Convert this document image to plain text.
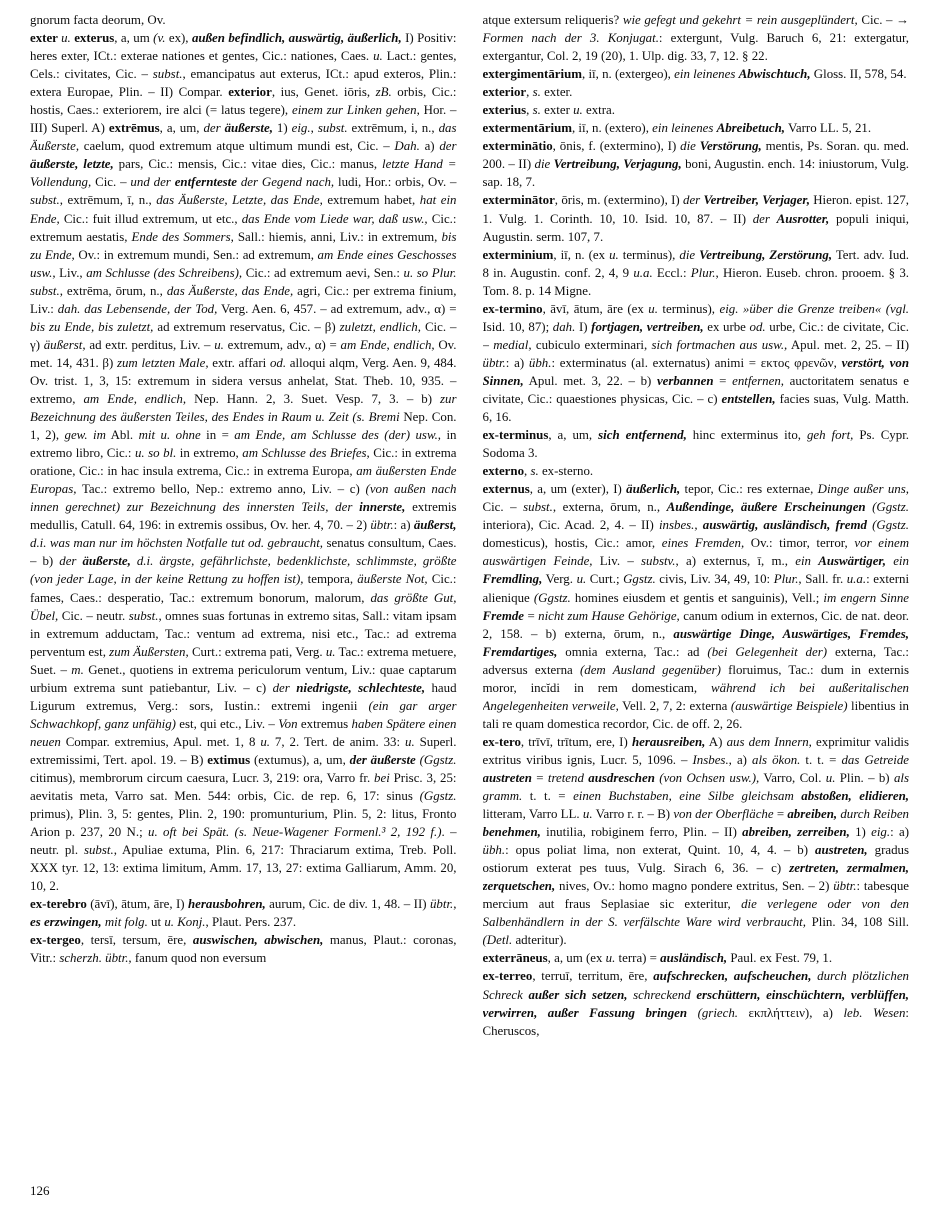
gnorum facta deorum, Ov.

exter u. exterus, a, um (v. ex), außen befindlich, auswärtig, äußerlich, I) Positiv: heres exter, ICt.: exterae nationes et gentes, Cic.: nationes, Caes. u. Lact.: gentes, Cels.: civitates, Cic. – subst., emancipatus aut exterus, ICt.: apud exteros, Plin.: extera Europae, Plin. – II) Compar. exterior, ius, Genet. iōris, zB. orbis, Cic.: hostis, Caes.: exteriorem, ire alci (= latus tegere), einem zur Linken gehen, Hor. – III) Superl. A) extrēmus, a, um, der äußerste, 1) eig., subst. extrēmum, i, n., das Äußerste, caelum, quod extremum atque ultimum mundi est, Cic. – Dah. a) der äußerste, letzte, pars, Cic.: mensis, Cic.: vitae dies, Cic.: manus, letzte Hand = Vollendung, Cic. – und der entfernteste der Gegend nach, ludi, Hor.: orbis, Ov. – subst., extrēmum, ī, n., das Äußerste, Letzte, das Ende, extremum habet, hat ein Ende, Cic.: fuit illud extremum, ut etc., das Ende vom Liede war, daß usw., Cic.: extremum aestatis, Ende des Sommers, Sall.: hiemis, anni, Liv.: in extremum, bis zu Ende, Ov.: in extremum mundi, Sen.: ad extremum, am Ende eines Geschosses usw., Liv., am Schlusse (des Schreibens), Cic.: ad extremum aevi, Sen.: u. so Plur. subst., extrēma, ōrum, n., das Äußerste, das Ende, agri, Cic.: per extrema finium, Liv.: dah. das Lebensende, der Tod, Verg. Aen. 6, 457. – ad extremum, adv., α) = bis zu Ende, bis zuletzt, ad extremum reservatus, Cic. – β) zuletzt, endlich, Cic. – γ) äußerst, ad extr. perditus, Liv. – u. extremum, adv., α) = am Ende, endlich, Ov. met. 14, 431. β) zum letzten Male, extr. affari od. alloqui alqm, Verg. Aen. 9, 484. Ov. trist. 1, 3, 15: extremum in sidera versus anhelat, Stat. Theb. 10, 935. – extremo, am Ende, endlich, Nep. Hann. 2, 3. Suet. Vesp. 7, 3. – b) zur Bezeichnung des äußersten Teiles, des Endes in Raum u. Zeit (s. Bremi Nep. Con. 1, 2), gew. im Abl. mit u. ohne in = am Ende, am Schlusse des (der) usw., in extremo libro, Cic.: u. so bl. in extremo, am Schlusse des Briefes, Cic.: in extrema oratione, Cic.: in hac insula extrema, Cic.: in extrema Europa, am äußersten Ende Europas, Tac.: extremo bello, Nep.: extremo anno, Liv. – c) (von außen nach innen gerechnet) zur Bezeichnung des innersten Teils, der innerste, extremis medullis, Catull. 64, 196: in extremis ossibus, Ov. her. 4, 70. – 2) übtr.: a) äußerst, d.i. was man nur im höchsten Notfalle tut od. gebraucht, senatus consultum, Caes. – b) der äußerste, d.i. ärgste, gefährlichste, bedenklichste, schlimmste, größte (von jeder Lage, in der keine Rettung zu hoffen ist), tempora, äußerste Not, Cic.: fames, Caes.: desperatio, Tac.: extremum bonorum, malorum, das größte Gut, Übel, Cic. – neutr. subst., omnes suas fortunas in extremo sitas, Sall.: vitam ipsam in extremum adductam, Tac.: ventum ad extrema, nisi etc., Tac.: ad extrema perventum est, zum Äußersten, Curt.: extrema pati, Verg. u. Tac.: extrema metuere, Suet. – m. Genet., quotiens in extrema periculorum ventum, Liv.: quae captarum urbium extrema sunt patiebantur, Liv. – c) der niedrigste, schlechteste, haud Ligurum extremus, Verg.: sors, Iustin.: extremi ingenii (ein gar arger Schwachkopf, ganz unfähig) est, qui etc., Liv. – Von extremus haben Spätere einen neuen Compar. extremius, Apul. met. 1, 8 u. 7, 2. Tert. de anim. 33: u. Superl. extremissimi, Tert. apol. 19. – B) extimus (extumus), a, um, der äußerste (Ggstz. citimus), membrorum circum caesura, Lucr. 3, 219: ora, Varro fr. bei Prisc. 3, 25: aevitatis meta, Varro sat. Men. 544: orbis, Cic. de rep. 6, 17: sinus (Ggstz. primus), Plin. 3, 5: gentes, Plin. 2, 190: promunturium, Plin. 5, 2: litus, Fronto Arion p. 237, 20 N.; u. oft bei Spät. (s. Neue-Wagener Formenl.³ 2, 192 f.). – neutr. pl. subst., Apuliae extuma, Plin. 6, 217: Thraciarum extima, Treb. Poll. XXX tyr. 12, 13: extima limitum, Amm. 17, 13, 27: extima Galliarum, Amm. 20, 10, 2.

ex-terebro (āvī), ātum, āre, I) herausbohren, aurum, Cic. de div. 1, 48. – II) übtr., es erzwingen, mit folg. ut u. Konj., Plaut. Pers. 237.

ex-tergeo, tersī, tersum, ēre, auswischen, abwischen, manus, Plaut.: coronas, Vitr.: scherzh. übtr., fanum quod non eversum

atque extersum reliqueris? wie gefegt und gekehrt = rein ausgeplündert, Cic. – → Formen nach der 3. Konjugat.: extergunt, Vulg. Baruch 6, 21: extergatur, extergantur, Col. 2, 19 (20), 1. Ulp. dig. 33, 7, 12. § 22.

extergimentārium, iī, n. (extergeo), ein leinenes Abwischtuch, Gloss. II, 578, 54.

exterior, s. exter.

exterius, s. exter u. extra.

extermentārium, iī, n. (extero), ein leinenes Abreibetuch, Varro LL. 5, 21.

exterminātio, ōnis, f. (extermino), I) die Verstörung, mentis, Ps. Soran. qu. med. 200. – II) die Vertreibung, Verjagung, boni, Augustin. ench. 14: iniustorum, Vulg. sap. 18, 7.

exterminātor, ōris, m. (extermino), I) der Vertreiber, Verjager, Hieron. epist. 127, 1. Vulg. 1. Corinth. 10, 10. Isid. 10, 87. – II) der Ausrotter, populi iniqui, Augustin. serm. 107, 7.

exterminium, iī, n. (ex u. terminus), die Vertreibung, Zerstörung, Tert. adv. Iud. 8 in. Augustin. conf. 2, 4, 9 u.a. Eccl.: Plur., Hieron. Euseb. chron. prooem. § 3. Tom. 8. p. 14 Migne.

ex-termino, āvī, ātum, āre (ex u. terminus), eig. »über die Grenze treiben« (vgl. Isid. 10, 87); dah. I) fortjagen, vertreiben, ex urbe od. urbe, Cic.: de civitate, Cic. – medial, cubiculo exterminari, sich fortmachen aus usw., Apul. met. 2, 25. – II) übtr.: a) übh.: exterminatus (al. externatus) animi = εκτος φρενῶν, verstört, von Sinnen, Apul. met. 3, 22. – b) verbannen = entfernen, auctoritatem senatus e civitate, Cic.: quaestiones physicas, Cic. – c) entstellen, facies suas, Vulg. Matth. 6, 16.

ex-terminus, a, um, sich entfernend, hinc exterminus ito, geh fort, Ps. Cypr. Sodoma 3.

externo, s. ex-sterno.

externus, a, um (exter), I) äußerlich, tepor, Cic.: res externae, Dinge außer uns, Cic. – subst., externa, ōrum, n., Außendinge, äußere Erscheinungen (Ggstz. interiora), Cic. Acad. 2, 4. – II) insbes., auswärtig, ausländisch, fremd (Ggstz. domesticus), hostis, Cic.: amor, eines Fremden, Ov.: timor, terror, vor einem auswärtigen Feinde, Liv. – substv., a) externus, ī, m., ein Auswärtiger, ein Fremdling, Verg. u. Curt.; Ggstz. civis, Liv. 34, 49, 10: Plur., Sall. fr. u.a.: externi alienique (Ggstz. homines eiusdem et gentis et sanguinis), Vell.; im engern Sinne Fremde = nicht zum Hause Gehörige, canum odium in externos, Cic. de nat. deor. 2, 158. – b) externa, ōrum, n., auswärtige Dinge, Auswärtiges, Fremdes, Fremdartiges, omnia externa, Tac.: ad (bei Gelegenheit der) externa, Tac.: adversus externa (dem Ausland gegenüber) floruimus, Tac.: dum in externis moror, incĭdi in rem domesticam, während ich bei außeritalischen Angelegenheiten verweile, Vell. 2, 7, 2: externa (auswärtige Beispiele) libentius in tali re quam domestica recordor, Cic. de off. 2, 26.

ex-tero, trīvī, trītum, ere, I) herausreiben, A) aus dem Innern, exprimitur validis extritus viribus ignis, Lucr. 5, 1096. – Insbes., a) als ökon. t. t. = das Getreide austreten = tretend ausdreschen (von Ochsen usw.), Varro, Col. u. Plin. – b) als gramm. t. t. = einen Buchstaben, eine Silbe gleichsam abstoßen, elidieren, litteram, Varro LL. u. Varro r. r. – B) von der Oberfläche = abreiben, durch Reiben benehmen, inutilia, robiginem ferro, Plin. – II) abreiben, zerreiben, 1) eig.: a) übh.: opus poliat lima, non exterat, Quint. 10, 4, 4. – b) austreten, gradus ostiorum exterat pes tuus, Vulg. Sirach 6, 36. – c) zertreten, zermalmen, zerquetschen, nives, Ov.: homo magno pondere extritus, Sen. – 2) übtr.: tabesque mercium aut fraus Seplasiae sic exteritur, die verlegene oder von den Salbenhändlern in der S. verfälschte Ware wird verbraucht, Plin. 34, 108 Sill. (Detl. adteritur).

exterrāneus, a, um (ex u. terra) = ausländisch, Paul. ex Fest. 79, 1.

ex-terreo, terruī, territum, ēre, aufschrecken, aufscheuchen, durch plötzlichen Schreck außer sich setzen, schreckend erschüttern, einschüchtern, verblüffen, verwirren, außer Fassung bringen (griech. εκπλήττειν), a) leb. Wesen: Cheruscos,

126
